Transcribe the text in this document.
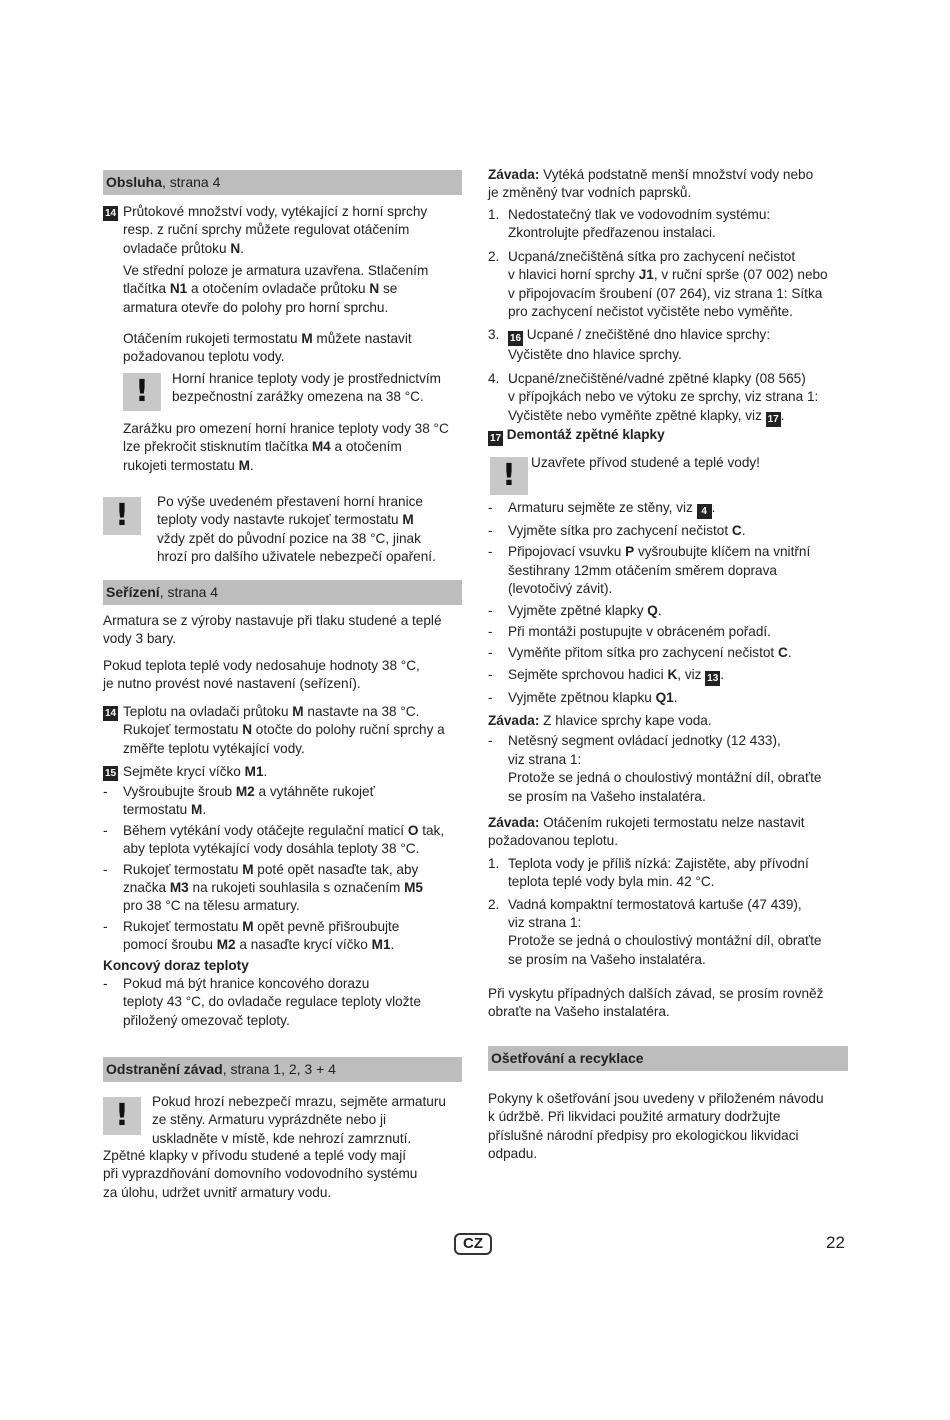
Obsluha, strana 4
14 Průtokové množství vody, vytékající z horní sprchy

resp. z ruční sprchy můžete regulovat otáčením

ovladače průtoku N.

Ve střední poloze je armatura uzavřena. Stlačením

tlačítka N1 a otočením ovladače průtoku N se

armatura otevře do polohy pro horní sprchu.

Otáčením rukojeti termostatu M můžete nastavit

požadovanou teplotu vody.

!	Horní hranice teploty vody je prostřednictvím

bezpečnostní zarážky omezena na 38 °C.

Zarážku pro omezení horní hranice teploty vody 38 °C

lze překročit stisknutím tlačítka M4 a otočením

rukojeti termostatu M.

!	Po výše uvedeném přestavení horní hranice

teploty vody nastavte rukojeť termostatu M

vždy zpět do původní pozice na 38 °C, jinak

hrozí pro dalšího uživatele nebezpečí opaření.

Seřízení, strana 4

Armatura se z výroby nastavuje při tlaku studené a teplé

vody 3 bary.

Pokud teplota teplé vody nedosahuje hodnoty 38 °C,

je nutno provést nové nastavení (seřízení).

14 Teplotu na ovladači průtoku M nastavte na 38 °C.

Rukojeť termostatu N otočte do polohy ruční sprchy a

změřte teplotu vytékající vody.

15 Sejměte krycí víčko M1.

- Vyšroubujte šroub M2 a vytáhněte rukojeť

termostatu M.

- Během vytékání vody otáčejte regulační maticí O tak,

aby teplota vytékající vody dosáhla teploty 38 °C.

- Rukojeť termostatu M poté opět nasaďte tak, aby

značka M3 na rukojeti souhlasila s označením M5

pro 38 °C na tělesu armatury.

- Rukojeť termostatu M opět pevně přišroubujte

pomocí šroubu M2 a nasaďte krycí víčko M1.

Koncový doraz teploty

- Pokud má být hranice koncového dorazu

teploty 43 °C, do ovladače regulace teploty vložte

přiložený omezovač teploty.

Odstranění závad, strana 1, 2, 3 + 4
!	Pokud hrozí nebezpečí mrazu, sejměte armaturu

ze stěny. Armaturu vyprázdněte nebo ji

uskladněte v místě, kde nehrozí zamrznutí.

Zpětné klapky v přívodu studené a teplé vody mají

při vyprazdňování domovního vodovodního systému

za úlohu, udržet uvnitř armatury vodu.

Závada: Vytéká podstatně menší množství vody nebo

je změněný tvar vodních paprsků.

1. Nedostatečný tlak ve vodovodním systému:

Zkontrolujte předřazenou instalaci.

2. Ucpaná/znečištěná sítka pro zachycení nečistot

v hlavici horní sprchy J1, v ruční sprše (07 002) nebo

v připojovacím šroubení (07 264), viz strana 1: Sítka

pro zachycení nečistot vyčistěte nebo vyměňte.

3. 16 Ucpané / znečištěné dno hlavice sprchy:

Vyčistěte dno hlavice sprchy.

4. Ucpané/znečištěné/vadné zpětné klapky (08 565)

v přípojkách nebo ve výtoku ze sprchy, viz strana 1:

Vyčistěte nebo vyměňte zpětné klapky, viz 17 .

17 Demontáž zpětné klapky

!	Uzavřete přívod studené a teplé vody!

- Armaturu sejměte ze stěny, viz 4 .

- Vyjměte sítka pro zachycení nečistot C.

- Připojovací vsuvku P vyšroubujte klíčem na vnitřní

šestihrany 12mm otáčením směrem doprava

(levotočivý závit).

- Vyjměte zpětné klapky Q.

- Při montáži postupujte v obráceném pořadí.

- Vyměňte přitom sítka pro zachycení nečistot C.

- Sejměte sprchovou hadici K, viz 13 .

- Vyjměte zpětnou klapku Q1.

Závada: Z hlavice sprchy kape voda.

- Netěsný segment ovládací jednotky (12 433),

viz strana 1:

Protože se jedná o choulostivý montážní díl, obraťte

se prosím na Vašeho instalatéra.

Závada: Otáčením rukojeti termostatu nelze nastavit

požadovanou teplotu.

1. Teplota vody je příliš nízká: Zajistěte, aby přívodní

teplota teplé vody byla min. 42 °C.

2. Vadná kompaktní termostatová kartuše (47 439),

viz strana 1:

Protože se jedná o choulostivý montážní díl, obraťte

se prosím na Vašeho instalatéra.

Při vyskytu případných dalších závad, se prosím rovněž

obraťte na Vašeho instalatéra.

Ošetřování a recyklace

Pokyny k ošetřování jsou uvedeny v přiloženém návodu

k údržbě. Při likvidaci použité armatury dodržujte

příslušné národní předpisy pro ekologickou likvidaci

odpadu.

CZ	22
